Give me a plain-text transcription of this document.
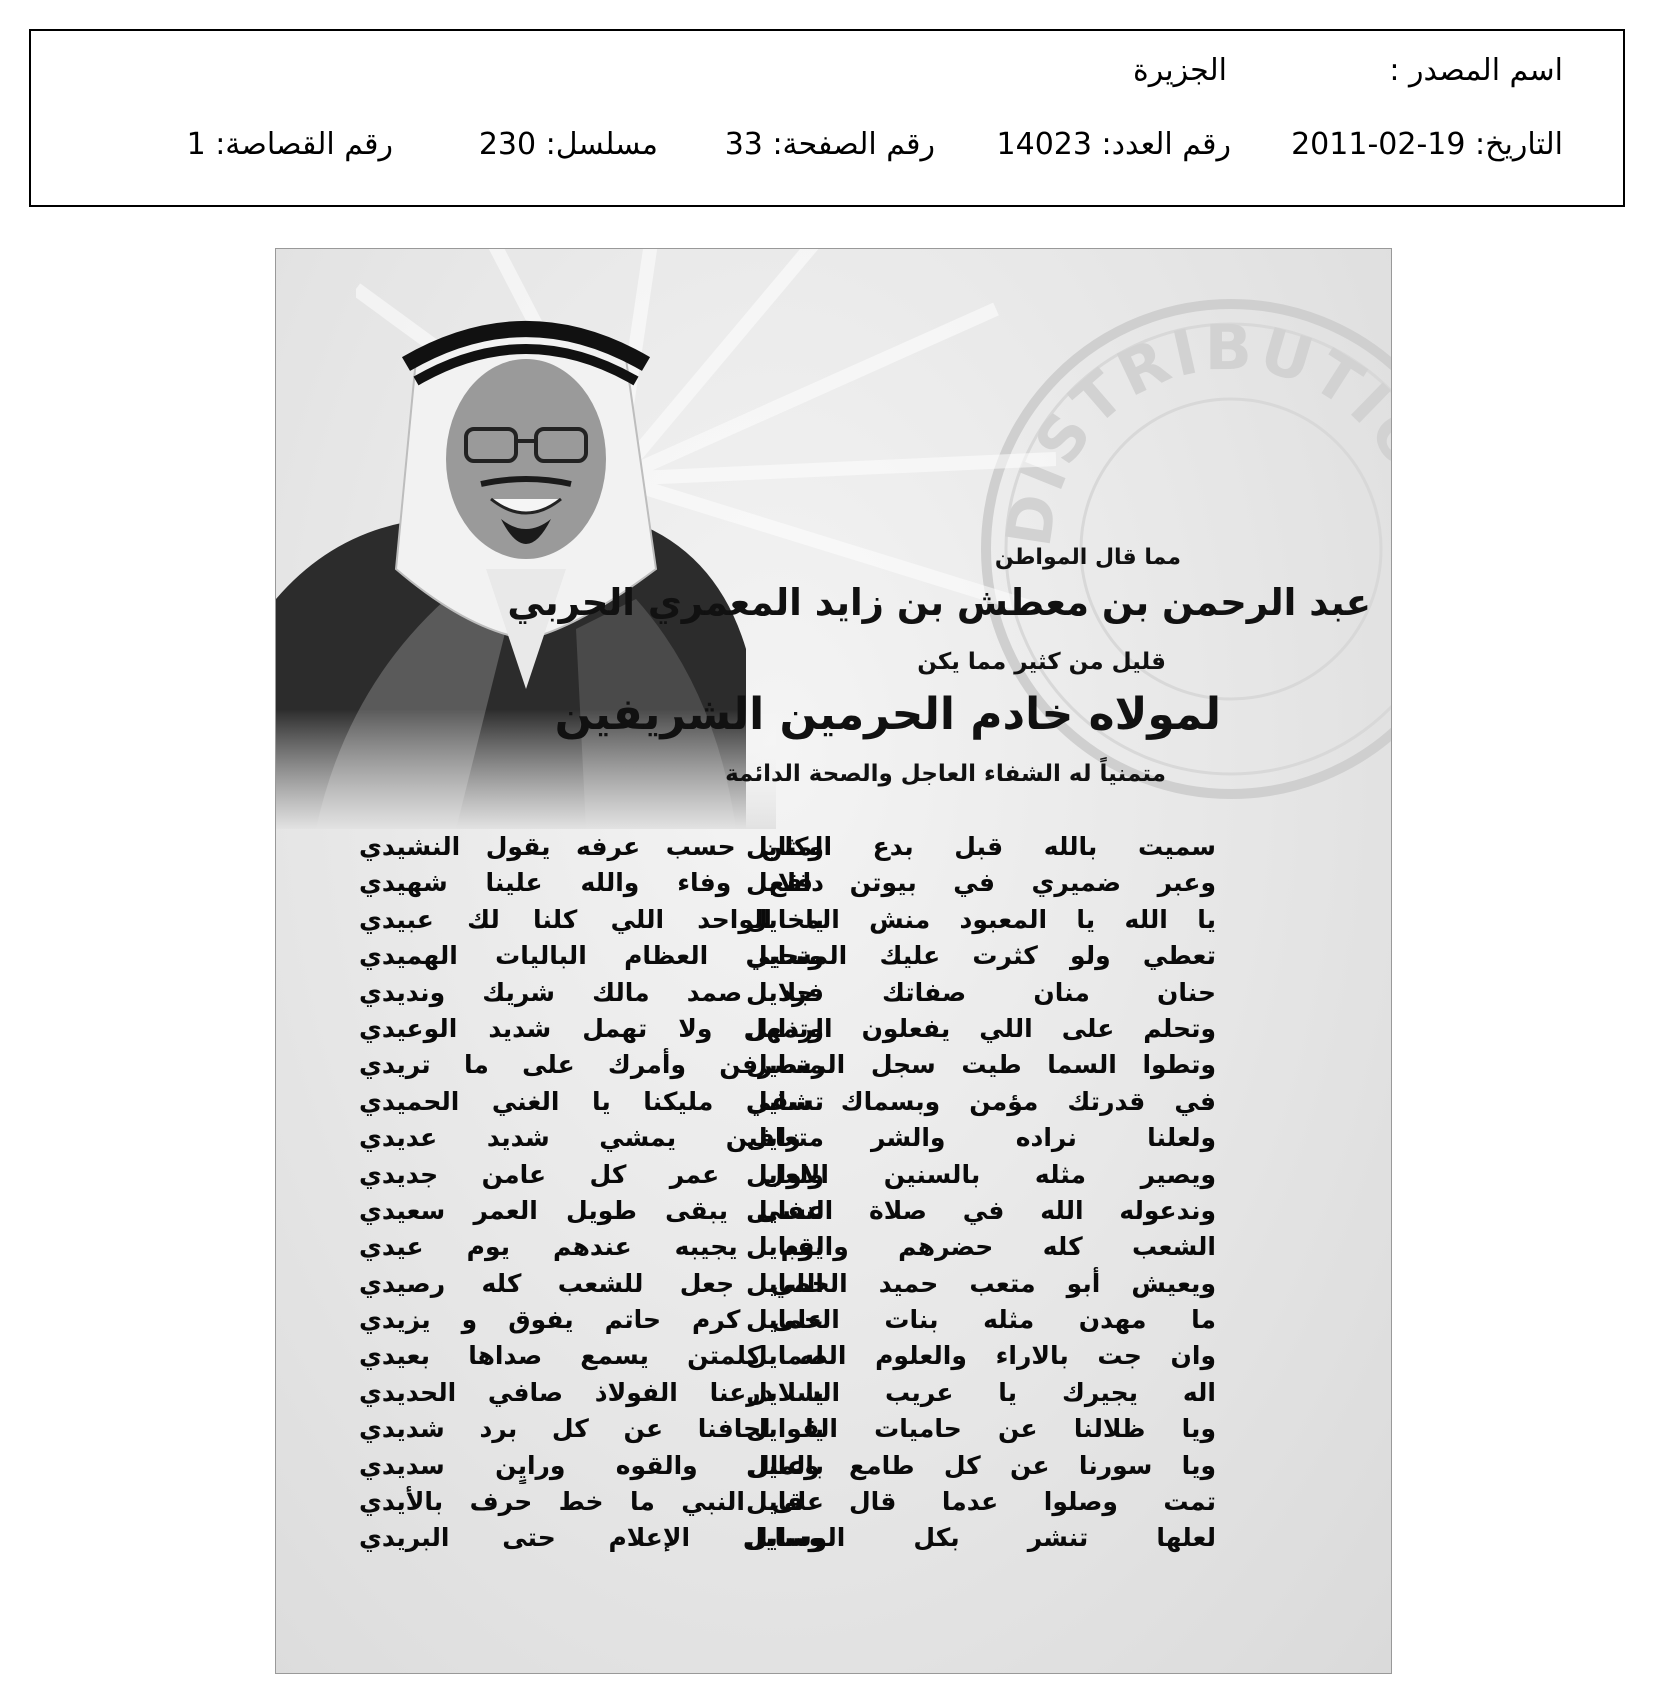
اسم المصدر :
الجزيرة
التاريخ: 19-02-2011
رقم العدد: 14023
رقم الصفحة: 33
مسلسل: 230
رقم القصاصة: 1
DISTRIBUTION
مما قال المواطن
عبد الرحمن بن معطش بن زايد المعمري الحربي
قليل من كثير مما يكن
لمولاه خادم الحرمين الشريفين
متمنياً له الشفاء العاجل والصحة الدائمة
سميت بالله قبل بدع المثايل
وعبر ضميري في بيوتن قلايل
يا الله يا المعبود منش المخايل
تعطي ولو كثرت عليك المسايل
حنان منان صفاتك جلايل
وتحلم على اللي يفعلون الرذايل
وتطوا السما طيت سجل الرسايل
في قدرتك مؤمن وبسماك سايل
ولعلنا نراده والشر زايل
ويصير مثله بالسنين الاوايل
وندعوله الله في صلاة النفايل
الشعب كله حضرهم والقبايل
ويعيش أبو متعب حميد الخصايل
ما مهدن مثله بنات الحمايل
وان جت بالاراء والعلوم الصمايل
اله يجيرك يا عريب السلايل
ويا ظلالنا عن حاميات القوايل
ويا سورنا عن كل طامع وعايل
تمت وصلوا عدما قال قايل
لعلها تنشر بكل الوسايل
وكلن حسب عرفه يقول النشيدي
دافع وفاء والله علينا شهيدي
يا الواحد اللي كلنا لك عبيدي
وتحيي العظام الباليات الهميدي
فرد صمد مالك شريك ونديدي
وتمهل ولا تهمل شديد الوعيدي
متصرفن وأمرك على ما تريدي
تشفي مليكنا يا الغني الحميدي
متعافين يمشي شديد عديدي
ولعل عمر كل عامن جديدي
عسى يبقى طويل العمر سعيدي
يوم يجيبه عندهم يوم عيدي
اللي جعل للشعب كله رصيدي
على كرم حاتم يفوق و يزيدي
له كلمتن يسمع صداها بعيدي
يا درعنا الفولاذ صافي الحديدي
يا لحافنا عن كل برد شديدي
بالمال والقوه ورايٍن سديدي
على النبي ما خط حرف بالأيدي
وسايل الإعلام حتى البريدي
